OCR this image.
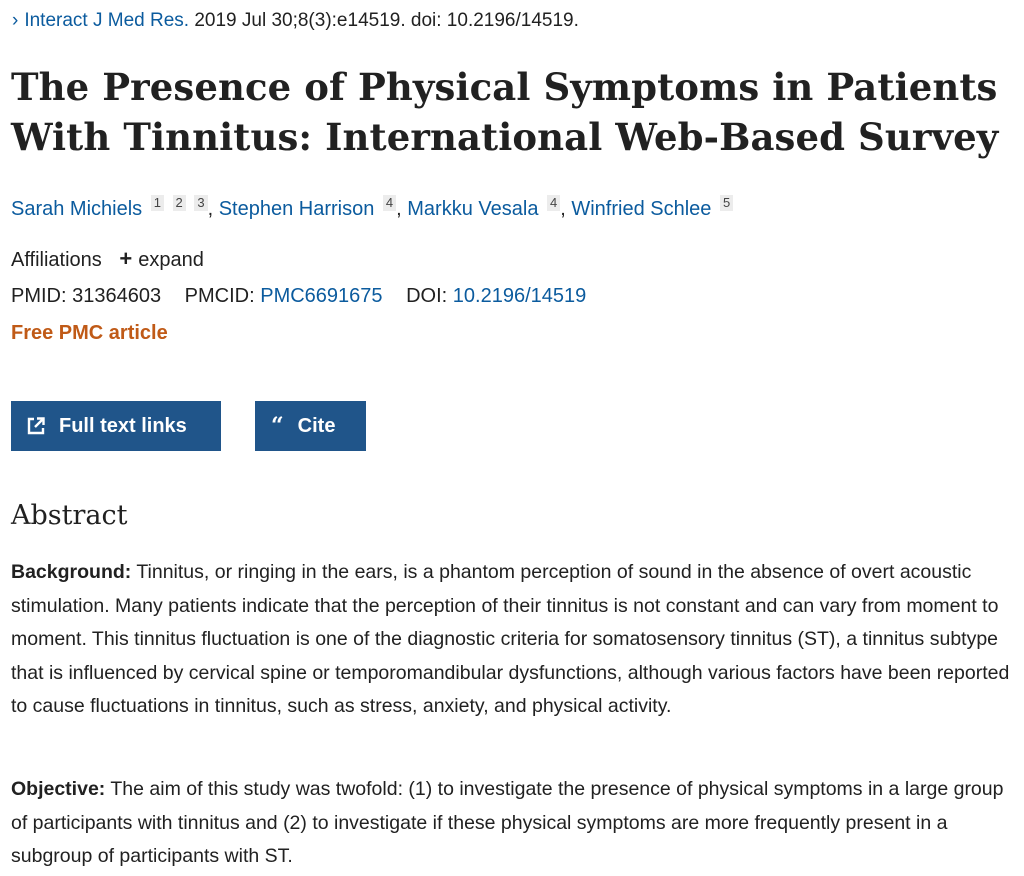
› Interact J Med Res. 2019 Jul 30;8(3):e14519. doi: 10.2196/14519.
The Presence of Physical Symptoms in Patients With Tinnitus: International Web-Based Survey
Sarah Michiels 1 2 3 , Stephen Harrison 4 , Markku Vesala 4 , Winfried Schlee 5
Affiliations + expand
PMID: 31364603 PMCID: PMC6691675 DOI: 10.2196/14519
Free PMC article
Full text links	“ Cite
Abstract

Background: Tinnitus, or ringing in the ears, is a phantom perception of sound in the absence of overt acoustic stimulation. Many patients indicate that the perception of their tinnitus is not constant and can vary from moment to moment. This tinnitus fluctuation is one of the diagnostic criteria for somatosensory tinnitus (ST), a tinnitus subtype that is influenced by cervical spine or temporomandibular dysfunctions, although various factors have been reported to cause fluctuations in tinnitus, such as stress, anxiety, and physical activity.

Objective: The aim of this study was twofold: (1) to investigate the presence of physical symptoms in a large group of participants with tinnitus and (2) to investigate if these physical symptoms are more frequently present in a subgroup of participants with ST.
